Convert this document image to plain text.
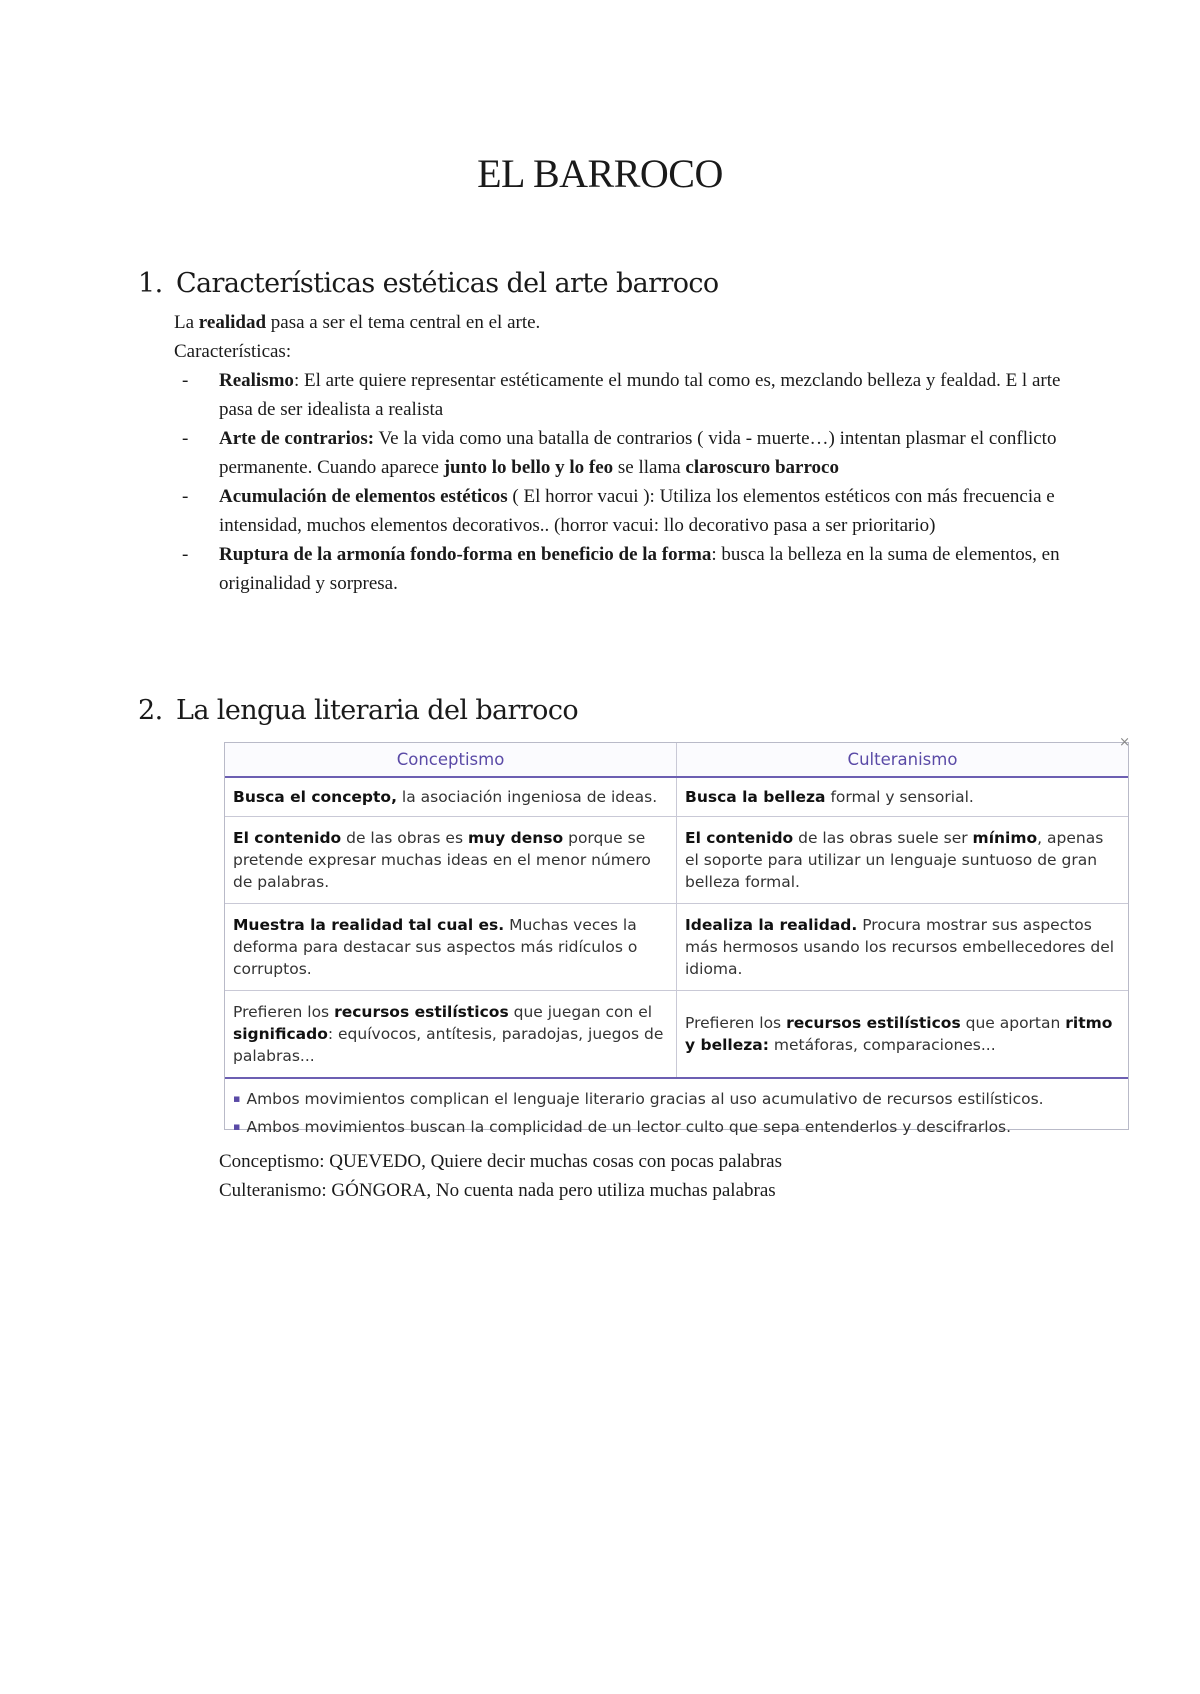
EL BARROCO
1. Características estéticas del arte barroco

La realidad pasa a ser el tema central en el arte.

Características:

- Realismo: El arte quiere representar estéticamente el mundo tal como es, mezclando belleza y fealdad. E l arte pasa de ser idealista a realista
- Arte de contrarios: Ve la vida como una batalla de contrarios ( vida - muerte…) intentan plasmar el conflicto permanente. Cuando aparece junto lo bello y lo feo se llama claroscuro barroco
- Acumulación de elementos estéticos ( El horror vacui ): Utiliza los elementos estéticos con más frecuencia e intensidad, muchos elementos decorativos.. (horror vacui: llo decorativo pasa a ser prioritario)
- Ruptura de la armonía fondo-forma en beneficio de la forma: busca la belleza en la suma de elementos, en originalidad y sorpresa.
2. La lengua literaria del barroco
×
Conceptismo	Culteranismo
Busca el concepto, la asociación ingeniosa de ideas.	Busca la belleza formal y sensorial.
El contenido de las obras es muy denso porque se pretende expresar muchas ideas en el menor número de palabras.	El contenido de las obras suele ser mínimo, apenas el soporte para utilizar un lenguaje suntuoso de gran belleza formal.
Muestra la realidad tal cual es. Muchas veces la deforma para destacar sus aspectos más ridículos o corruptos.	Idealiza la realidad. Procura mostrar sus aspectos más hermosos usando los recursos embellecedores del idioma.
Prefieren los recursos estilísticos que juegan con el significado: equívocos, antítesis, paradojas, juegos de palabras...	Prefieren los recursos estilísticos que aportan ritmo y belleza: metáforas, comparaciones...
▪ Ambos movimientos complican el lenguaje literario gracias al uso acumulativo de recursos estilísticos.
▪ Ambos movimientos buscan la complicidad de un lector culto que sepa entenderlos y descifrarlos.

Conceptismo: QUEVEDO, Quiere decir muchas cosas con pocas palabras

Culteranismo: GÓNGORA, No cuenta nada pero utiliza muchas palabras
